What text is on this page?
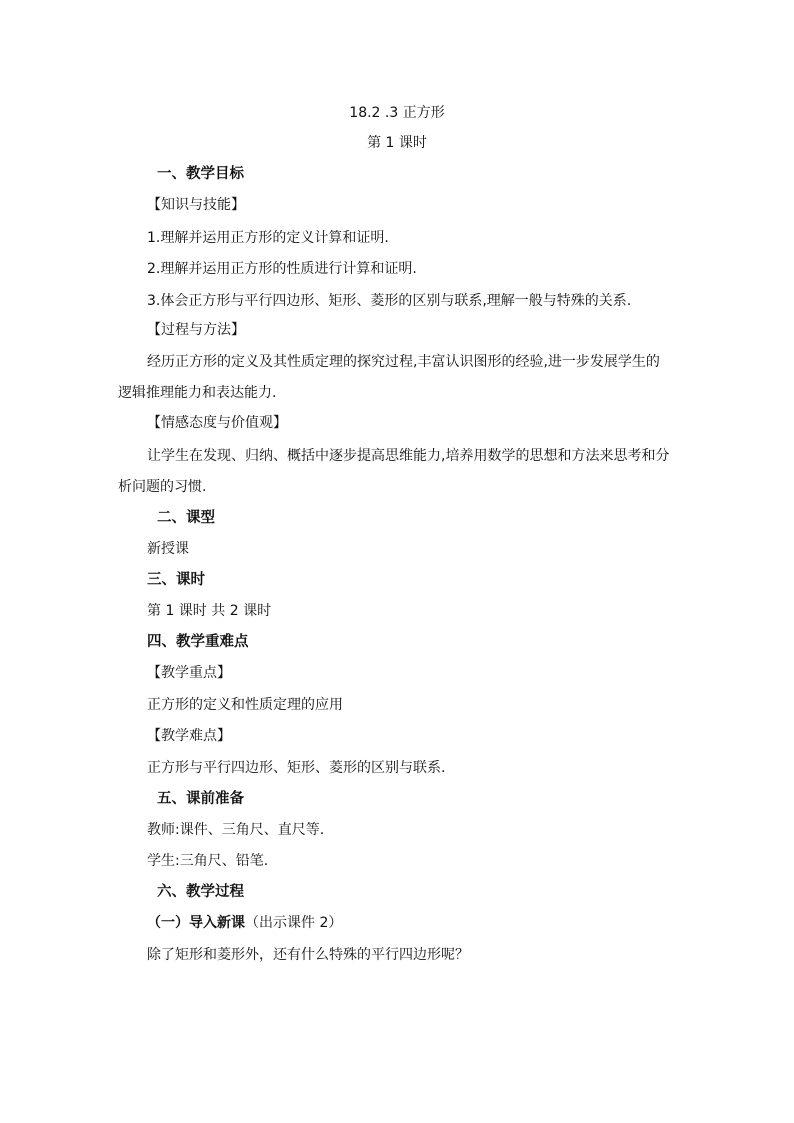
18.2 .3 正方形
第 1 课时
一、教学目标
【知识与技能】
1.理解并运用正方形的定义计算和证明.
2.理解并运用正方形的性质进行计算和证明.
3.体会正方形与平行四边形、矩形、菱形的区别与联系,理解一般与特殊的关系.
【过程与方法】
经历正方形的定义及其性质定理的探究过程,丰富认识图形的经验,进一步发展学生的
逻辑推理能力和表达能力.
【情感态度与价值观】
让学生在发现、归纳、概括中逐步提高思维能力,培养用数学的思想和方法来思考和分
析问题的习惯.
二、课型
新授课
三、课时
第 1 课时 共 2 课时
四、教学重难点
【教学重点】
正方形的定义和性质定理的应用
【教学难点】
正方形与平行四边形、矩形、菱形的区别与联系.
五、课前准备
教师:课件、三角尺、直尺等.
学生:三角尺、铅笔.
六、教学过程
（一）导入新课（出示课件 2）
除了矩形和菱形外，还有什么特殊的平行四边形呢？
